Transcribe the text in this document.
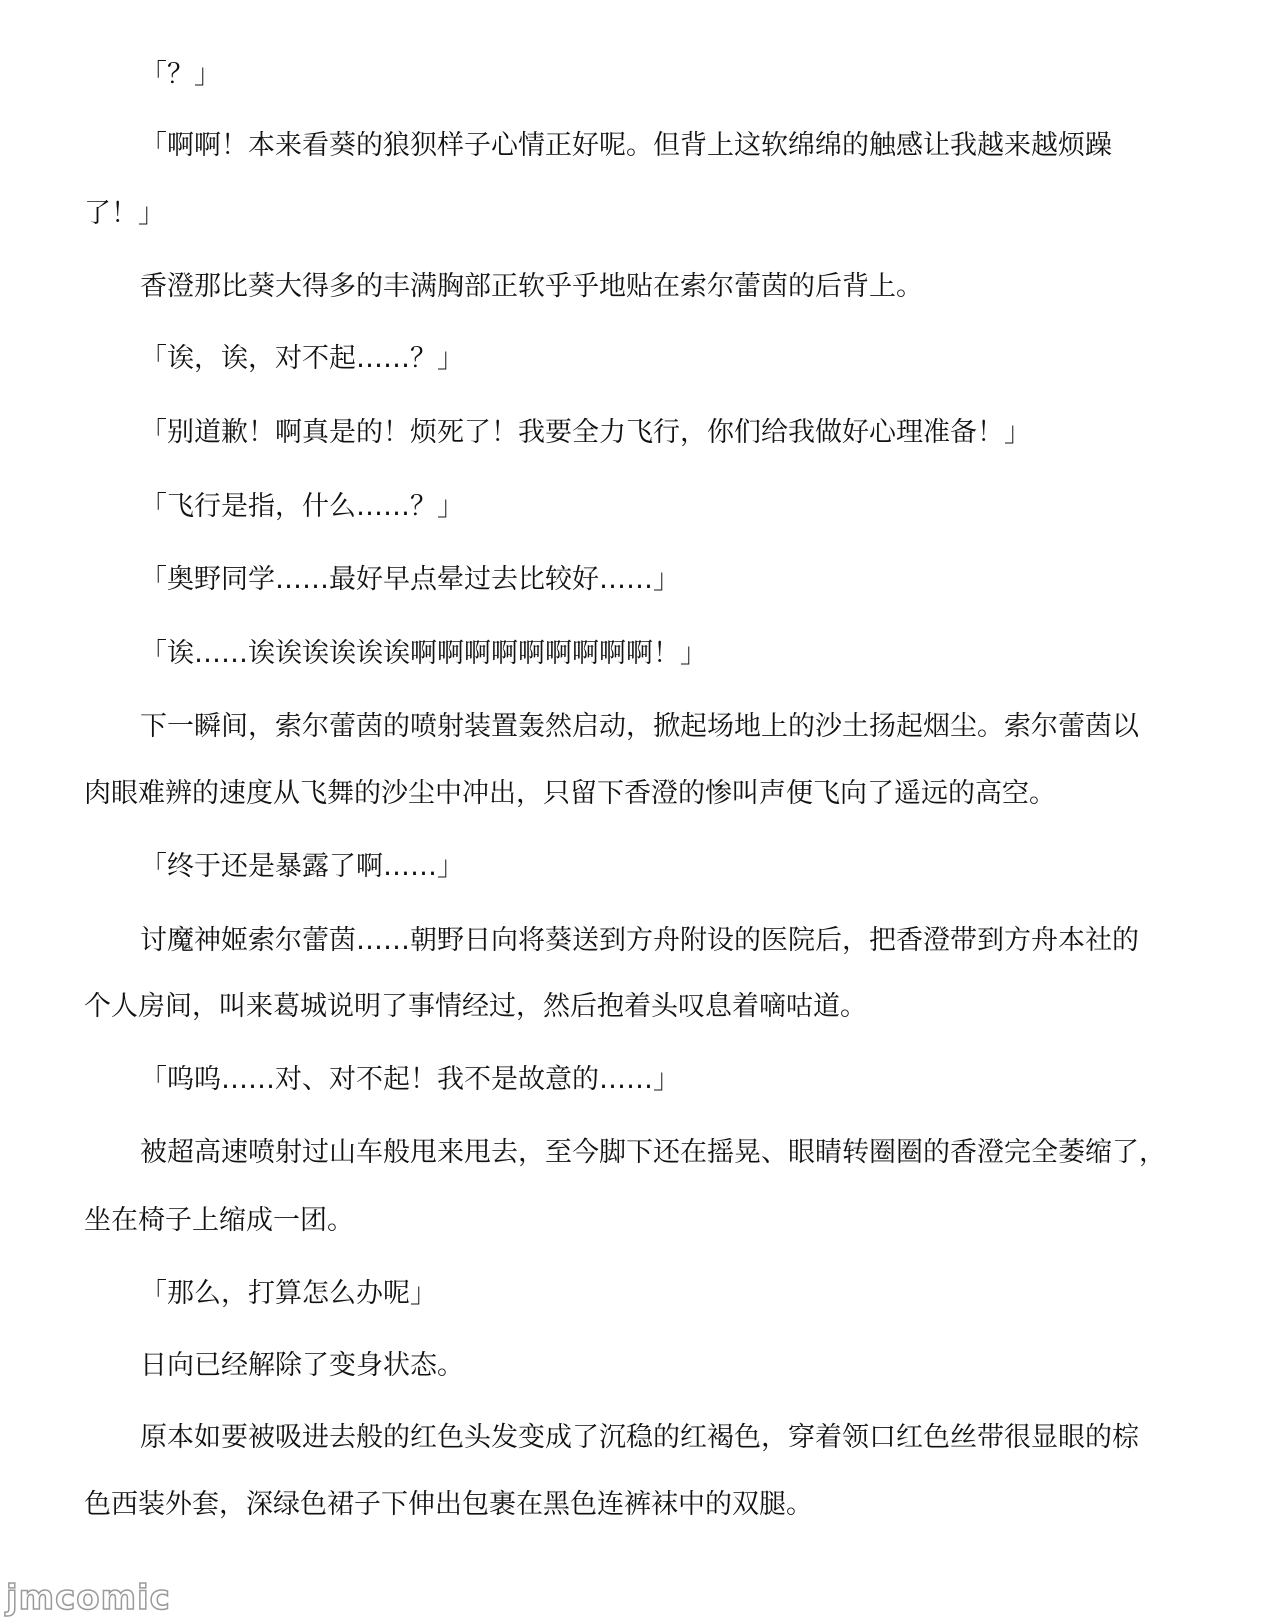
「？」

「啊啊！本来看葵的狼狈样子心情正好呢。但背上这软绵绵的触感让我越来越烦躁

了！」

香澄那比葵大得多的丰满胸部正软乎乎地贴在索尔蕾茵的后背上。

「诶，诶，对不起……？」

「别道歉！啊真是的！烦死了！我要全力飞行，你们给我做好心理准备！」

「飞行是指，什么……？」

「奥野同学……最好早点晕过去比较好……」

「诶……诶诶诶诶诶诶啊啊啊啊啊啊啊啊啊！」

下一瞬间，索尔蕾茵的喷射装置轰然启动，掀起场地上的沙土扬起烟尘。索尔蕾茵以

肉眼难辨的速度从飞舞的沙尘中冲出，只留下香澄的惨叫声便飞向了遥远的高空。

「终于还是暴露了啊……」

讨魔神姬索尔蕾茵……朝野日向将葵送到方舟附设的医院后，把香澄带到方舟本社的

个人房间，叫来葛城说明了事情经过，然后抱着头叹息着嘀咕道。

「呜呜……对、对不起！我不是故意的……」

被超高速喷射过山车般甩来甩去，至今脚下还在摇晃、眼睛转圈圈的香澄完全萎缩了，

坐在椅子上缩成一团。

「那么，打算怎么办呢」

日向已经解除了变身状态。

原本如要被吸进去般的红色头发变成了沉稳的红褐色，穿着领口红色丝带很显眼的棕

色西装外套，深绿色裙子下伸出包裹在黑色连裤袜中的双腿。

jmcomic
